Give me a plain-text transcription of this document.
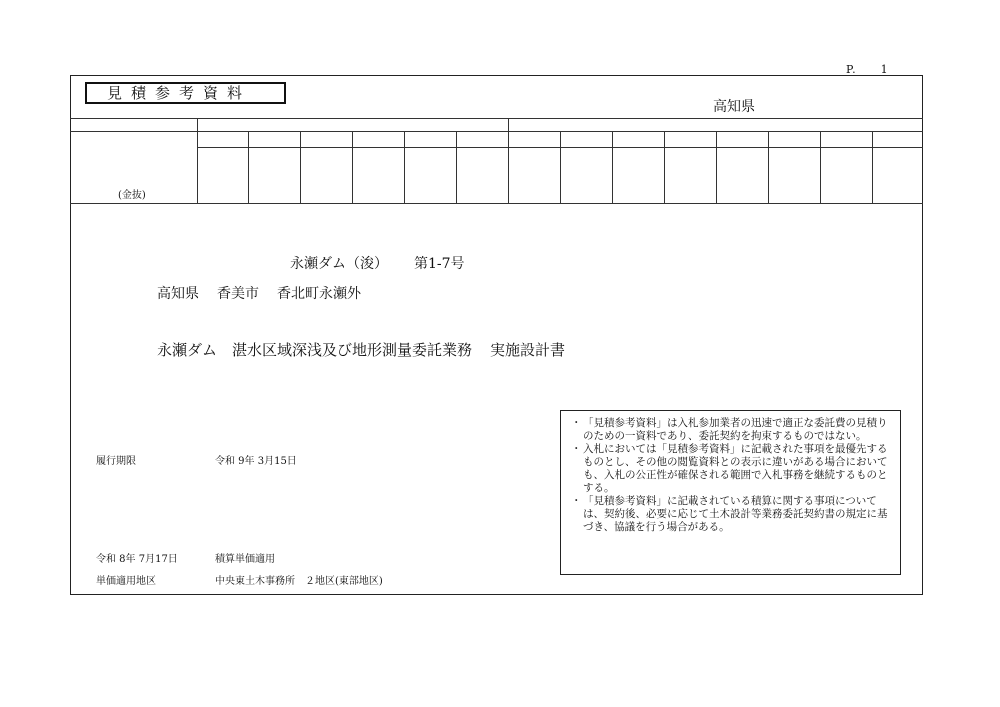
P. 1
見積参考資料
高知県
(金抜)
永瀬ダム（浚） 第1-7号
高知県 香美市 香北町永瀬外
永瀬ダム　湛水区域深浅及び地形測量委託業務 実施設計書
・ 「見積参考資料」は入札参加業者の迅速で適正な委託費の見積りのための一資料であり、委託契約を拘束するものではない。
・ 入札においては「見積参考資料」に記載された事項を最優先するものとし、その他の閲覧資料との表示に違いがある場合においても、入札の公正性が確保される範囲で入札事務を継続するものとする。
・ 「見積参考資料」に記載されている積算に関する事項については、契約後、必要に応じて土木設計等業務委託契約書の規定に基づき、協議を行う場合がある。
履行期限	令和 9年 3月15日
令和 8年 7月17日	積算単価適用
単価適用地区	中央東土木事務所　２地区(東部地区)
